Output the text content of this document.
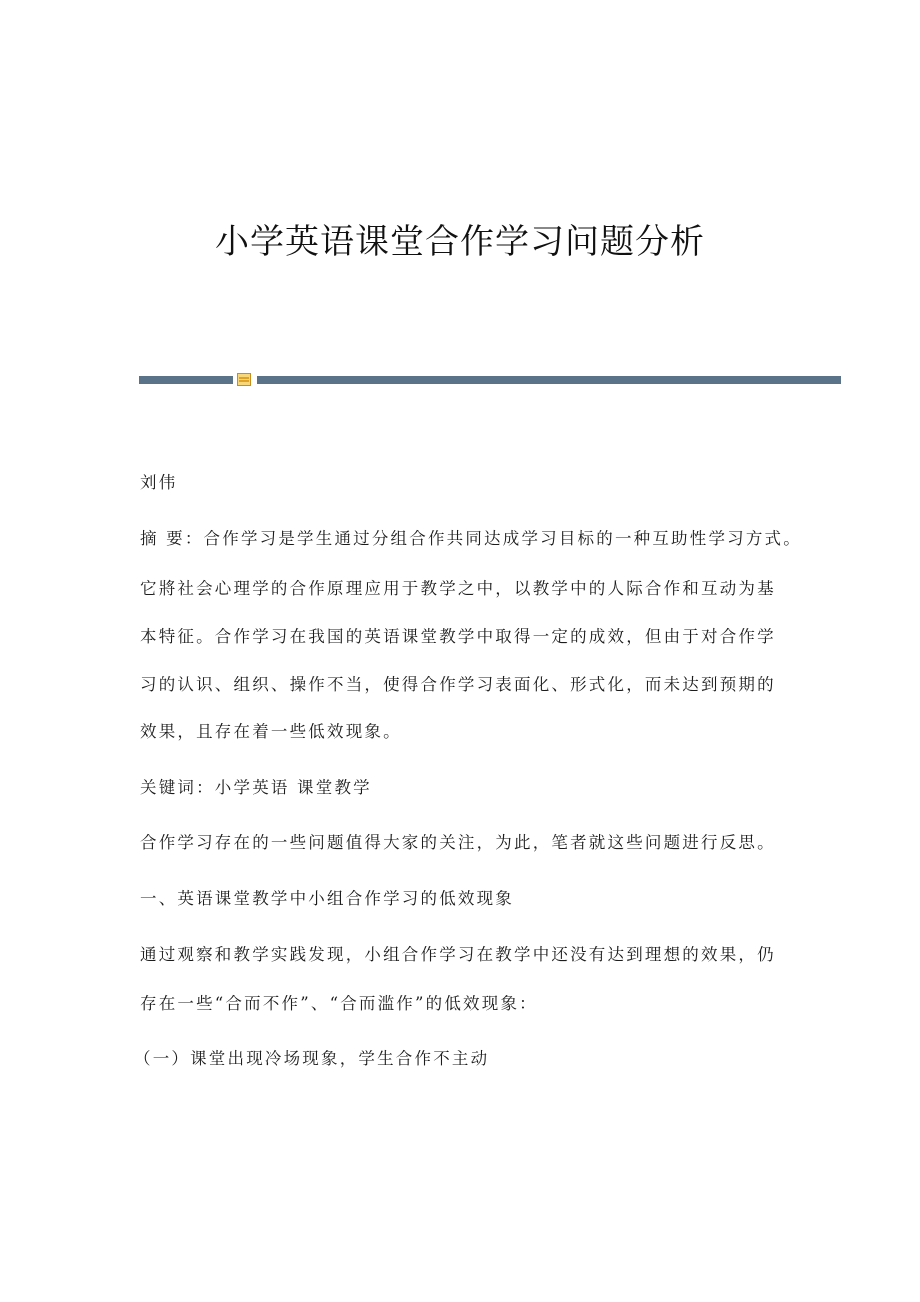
小学英语课堂合作学习问题分析
刘伟
摘 要：合作学习是学生通过分组合作共同达成学习目标的一种互助性学习方式。
它將社会心理学的合作原理应用于教学之中，以教学中的人际合作和互动为基
本特征。合作学习在我国的英语课堂教学中取得一定的成效，但由于对合作学
习的认识、组织、操作不当，使得合作学习表面化、形式化，而未达到预期的
效果，且存在着一些低效现象。
关键词：小学英语 课堂教学
合作学习存在的一些问题值得大家的关注，为此，笔者就这些问题进行反思。
一、英语课堂教学中小组合作学习的低效现象
通过观察和教学实践发现，小组合作学习在教学中还没有达到理想的效果，仍
存在一些“合而不作”、“合而滥作”的低效现象：
（一）课堂出现冷场现象，学生合作不主动
